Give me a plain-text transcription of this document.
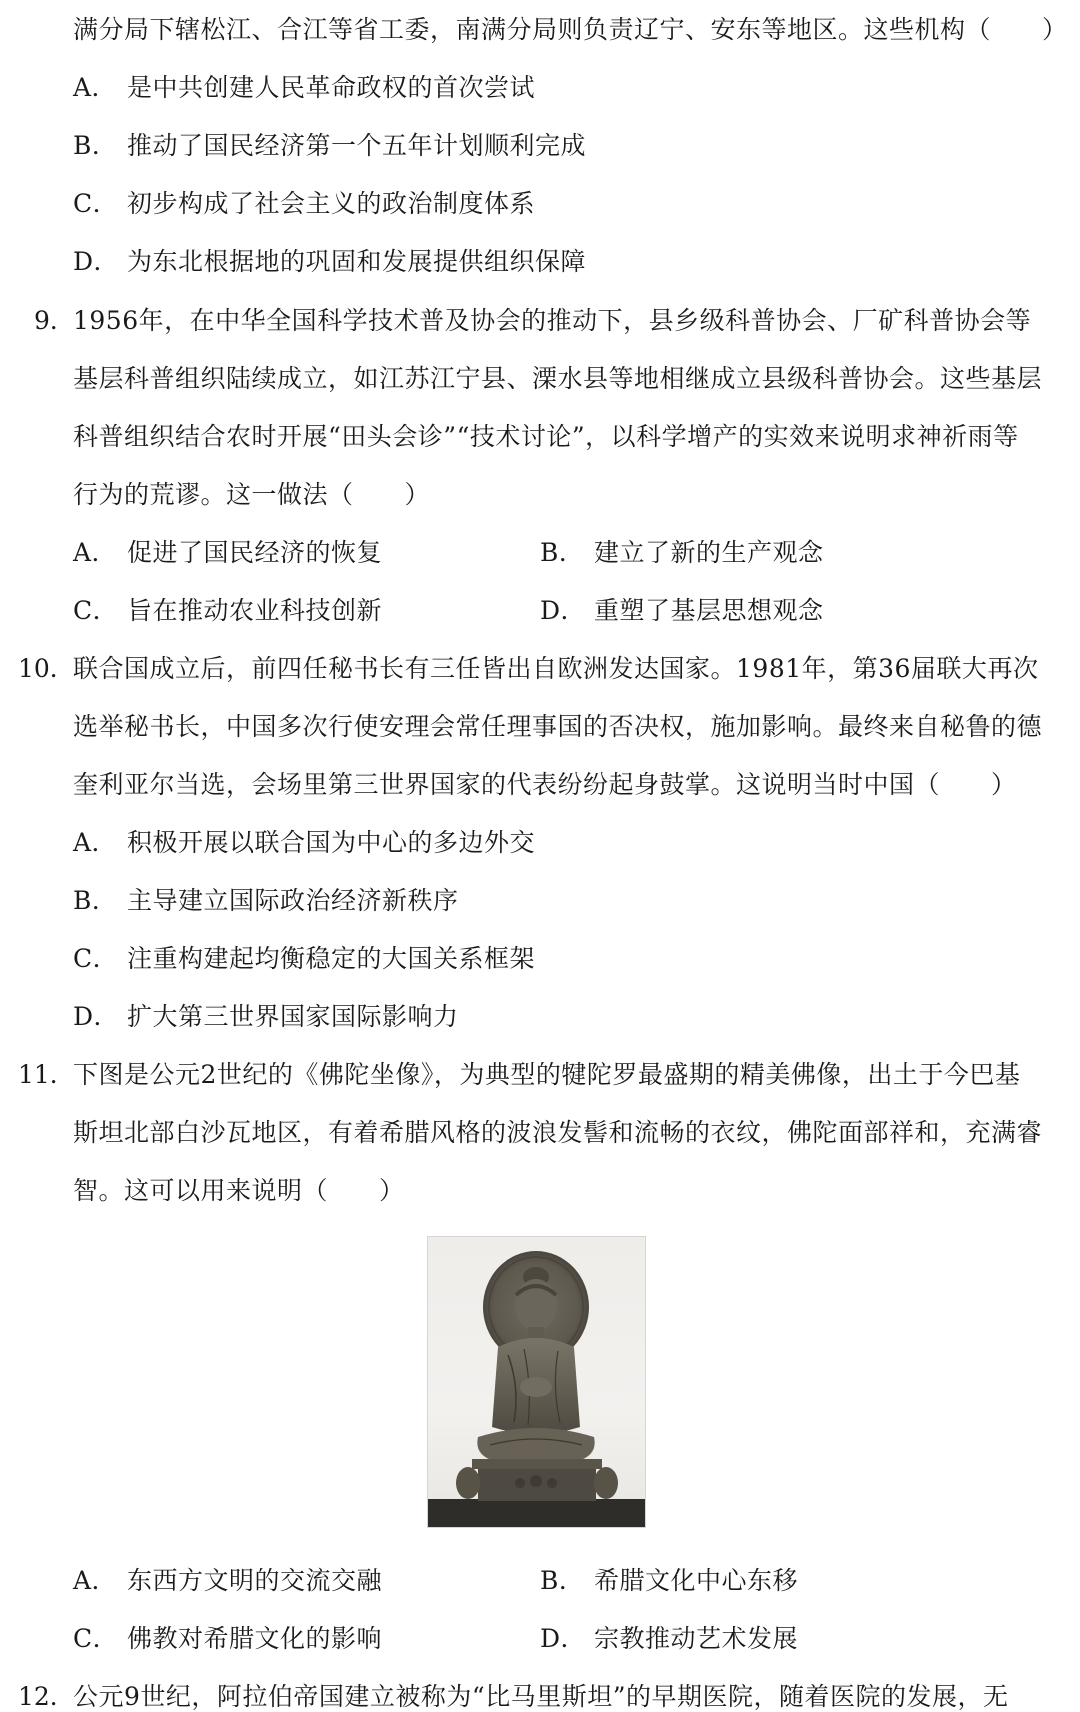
满分局下辖松江、合江等省工委，南满分局则负责辽宁、安东等地区。这些机构（　　）
A． 是中共创建人民革命政权的首次尝试
B． 推动了国民经济第一个五年计划顺利完成
C． 初步构成了社会主义的政治制度体系
D． 为东北根据地的巩固和发展提供组织保障
9．
1956年，在中华全国科学技术普及协会的推动下，县乡级科普协会、厂矿科普协会等
基层科普组织陆续成立，如江苏江宁县、溧水县等地相继成立县级科普协会。这些基层
科普组织结合农时开展“田头会诊”“技术讨论”，以科学增产的实效来说明求神祈雨等
行为的荒谬。这一做法（　　）
A． 促进了国民经济的恢复	B． 建立了新的生产观念
C． 旨在推动农业科技创新	D． 重塑了基层思想观念
10．
联合国成立后，前四任秘书长有三任皆出自欧洲发达国家。1981年，第36届联大再次
选举秘书长，中国多次行使安理会常任理事国的否决权，施加影响。最终来自秘鲁的德
奎利亚尔当选，会场里第三世界国家的代表纷纷起身鼓掌。这说明当时中国（　　）
A． 积极开展以联合国为中心的多边外交
B． 主导建立国际政治经济新秩序
C． 注重构建起均衡稳定的大国关系框架
D． 扩大第三世界国家国际影响力
11．
下图是公元2世纪的《佛陀坐像》，为典型的犍陀罗最盛期的精美佛像，出土于今巴基
斯坦北部白沙瓦地区，有着希腊风格的波浪发髻和流畅的衣纹，佛陀面部祥和，充满睿
智。这可以用来说明（　　）
A． 东西方文明的交流交融	B． 希腊文化中心东移
C． 佛教对希腊文化的影响	D． 宗教推动艺术发展
12．
公元9世纪，阿拉伯帝国建立被称为“比马里斯坦”的早期医院，随着医院的发展，无
